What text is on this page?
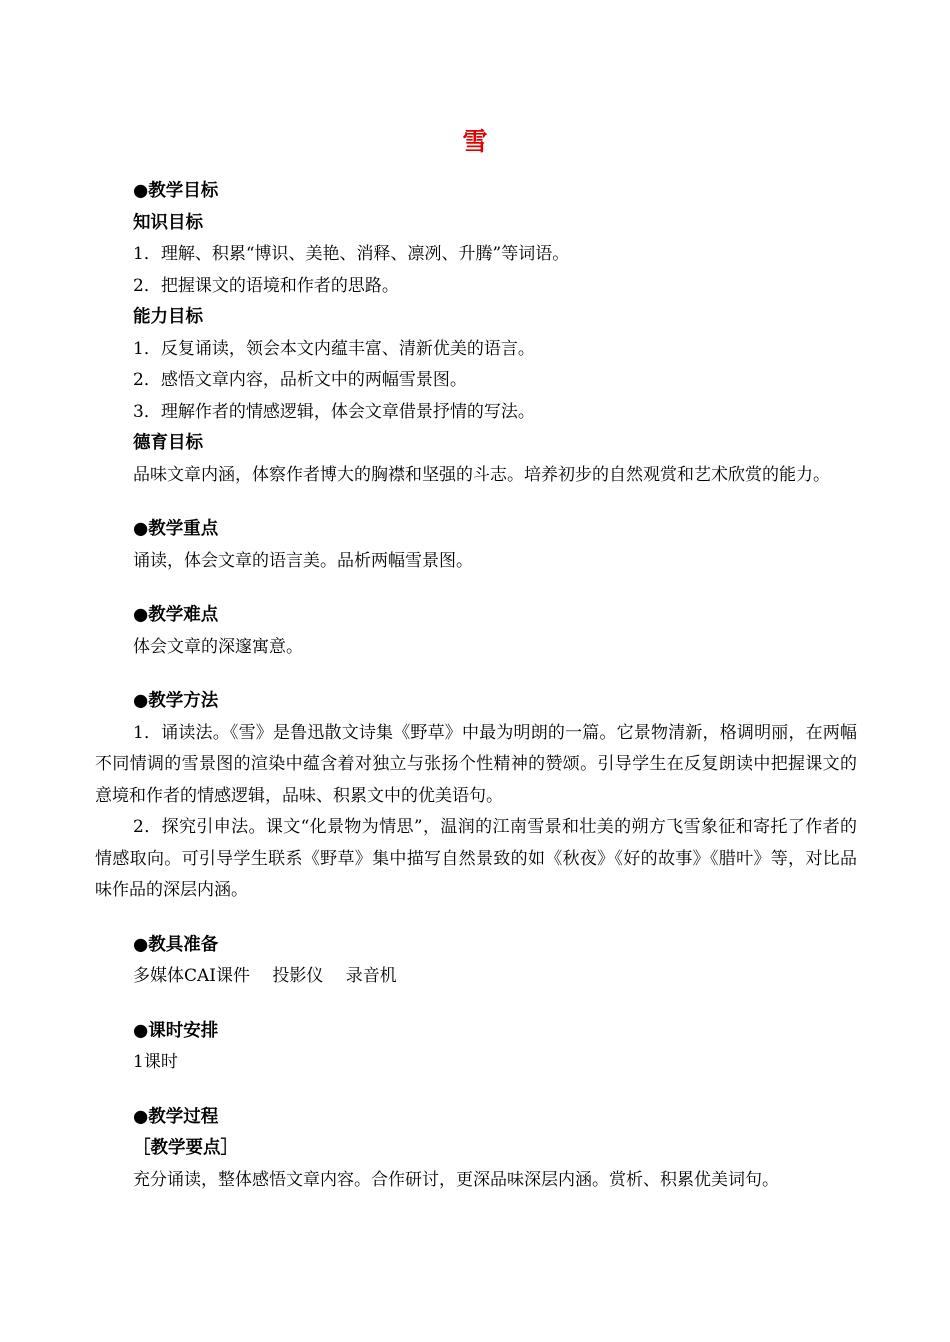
雪
●教学目标
知识目标
1．理解、积累“博识、美艳、消释、凛冽、升腾”等词语。
2．把握课文的语境和作者的思路。
能力目标
1．反复诵读，领会本文内蕴丰富、清新优美的语言。
2．感悟文章内容，品析文中的两幅雪景图。
3．理解作者的情感逻辑，体会文章借景抒情的写法。
德育目标
品味文章内涵，体察作者博大的胸襟和坚强的斗志。培养初步的自然观赏和艺术欣赏的能力。
●教学重点
诵读，体会文章的语言美。品析两幅雪景图。
●教学难点
体会文章的深邃寓意。
●教学方法
1．诵读法。《雪》是鲁迅散文诗集《野草》中最为明朗的一篇。它景物清新，格调明丽，在两幅不同情调的雪景图的渲染中蕴含着对独立与张扬个性精神的赞颂。引导学生在反复朗读中把握课文的意境和作者的情感逻辑，品味、积累文中的优美语句。
2．探究引申法。课文“化景物为情思”，温润的江南雪景和壮美的朔方飞雪象征和寄托了作者的情感取向。可引导学生联系《野草》集中描写自然景致的如《秋夜》《好的故事》《腊叶》等，对比品味作品的深层内涵。
●教具准备
多媒体CAI课件　 投影仪　 录音机
●课时安排
1课时
●教学过程
［教学要点］
充分诵读，整体感悟文章内容。合作研讨，更深品味深层内涵。赏析、积累优美词句。
